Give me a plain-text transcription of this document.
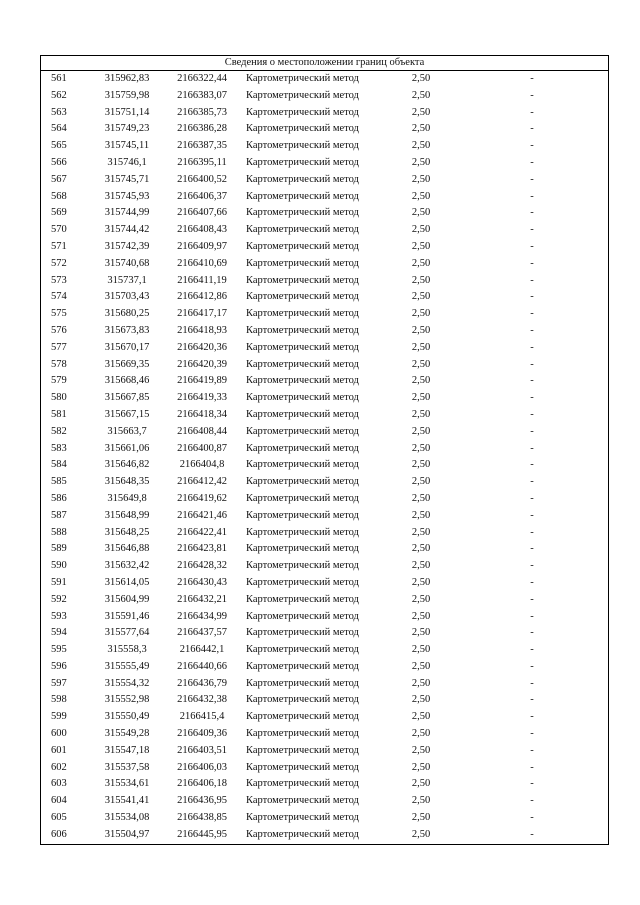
Сведения о местоположении границ объекта
561	315962,83	2166322,44	Картометрический метод	2,50	-
562	315759,98	2166383,07	Картометрический метод	2,50	-
563	315751,14	2166385,73	Картометрический метод	2,50	-
564	315749,23	2166386,28	Картометрический метод	2,50	-
565	315745,11	2166387,35	Картометрический метод	2,50	-
566	315746,1	2166395,11	Картометрический метод	2,50	-
567	315745,71	2166400,52	Картометрический метод	2,50	-
568	315745,93	2166406,37	Картометрический метод	2,50	-
569	315744,99	2166407,66	Картометрический метод	2,50	-
570	315744,42	2166408,43	Картометрический метод	2,50	-
571	315742,39	2166409,97	Картометрический метод	2,50	-
572	315740,68	2166410,69	Картометрический метод	2,50	-
573	315737,1	2166411,19	Картометрический метод	2,50	-
574	315703,43	2166412,86	Картометрический метод	2,50	-
575	315680,25	2166417,17	Картометрический метод	2,50	-
576	315673,83	2166418,93	Картометрический метод	2,50	-
577	315670,17	2166420,36	Картометрический метод	2,50	-
578	315669,35	2166420,39	Картометрический метод	2,50	-
579	315668,46	2166419,89	Картометрический метод	2,50	-
580	315667,85	2166419,33	Картометрический метод	2,50	-
581	315667,15	2166418,34	Картометрический метод	2,50	-
582	315663,7	2166408,44	Картометрический метод	2,50	-
583	315661,06	2166400,87	Картометрический метод	2,50	-
584	315646,82	2166404,8	Картометрический метод	2,50	-
585	315648,35	2166412,42	Картометрический метод	2,50	-
586	315649,8	2166419,62	Картометрический метод	2,50	-
587	315648,99	2166421,46	Картометрический метод	2,50	-
588	315648,25	2166422,41	Картометрический метод	2,50	-
589	315646,88	2166423,81	Картометрический метод	2,50	-
590	315632,42	2166428,32	Картометрический метод	2,50	-
591	315614,05	2166430,43	Картометрический метод	2,50	-
592	315604,99	2166432,21	Картометрический метод	2,50	-
593	315591,46	2166434,99	Картометрический метод	2,50	-
594	315577,64	2166437,57	Картометрический метод	2,50	-
595	315558,3	2166442,1	Картометрический метод	2,50	-
596	315555,49	2166440,66	Картометрический метод	2,50	-
597	315554,32	2166436,79	Картометрический метод	2,50	-
598	315552,98	2166432,38	Картометрический метод	2,50	-
599	315550,49	2166415,4	Картометрический метод	2,50	-
600	315549,28	2166409,36	Картометрический метод	2,50	-
601	315547,18	2166403,51	Картометрический метод	2,50	-
602	315537,58	2166406,03	Картометрический метод	2,50	-
603	315534,61	2166406,18	Картометрический метод	2,50	-
604	315541,41	2166436,95	Картометрический метод	2,50	-
605	315534,08	2166438,85	Картометрический метод	2,50	-
606	315504,97	2166445,95	Картометрический метод	2,50	-
